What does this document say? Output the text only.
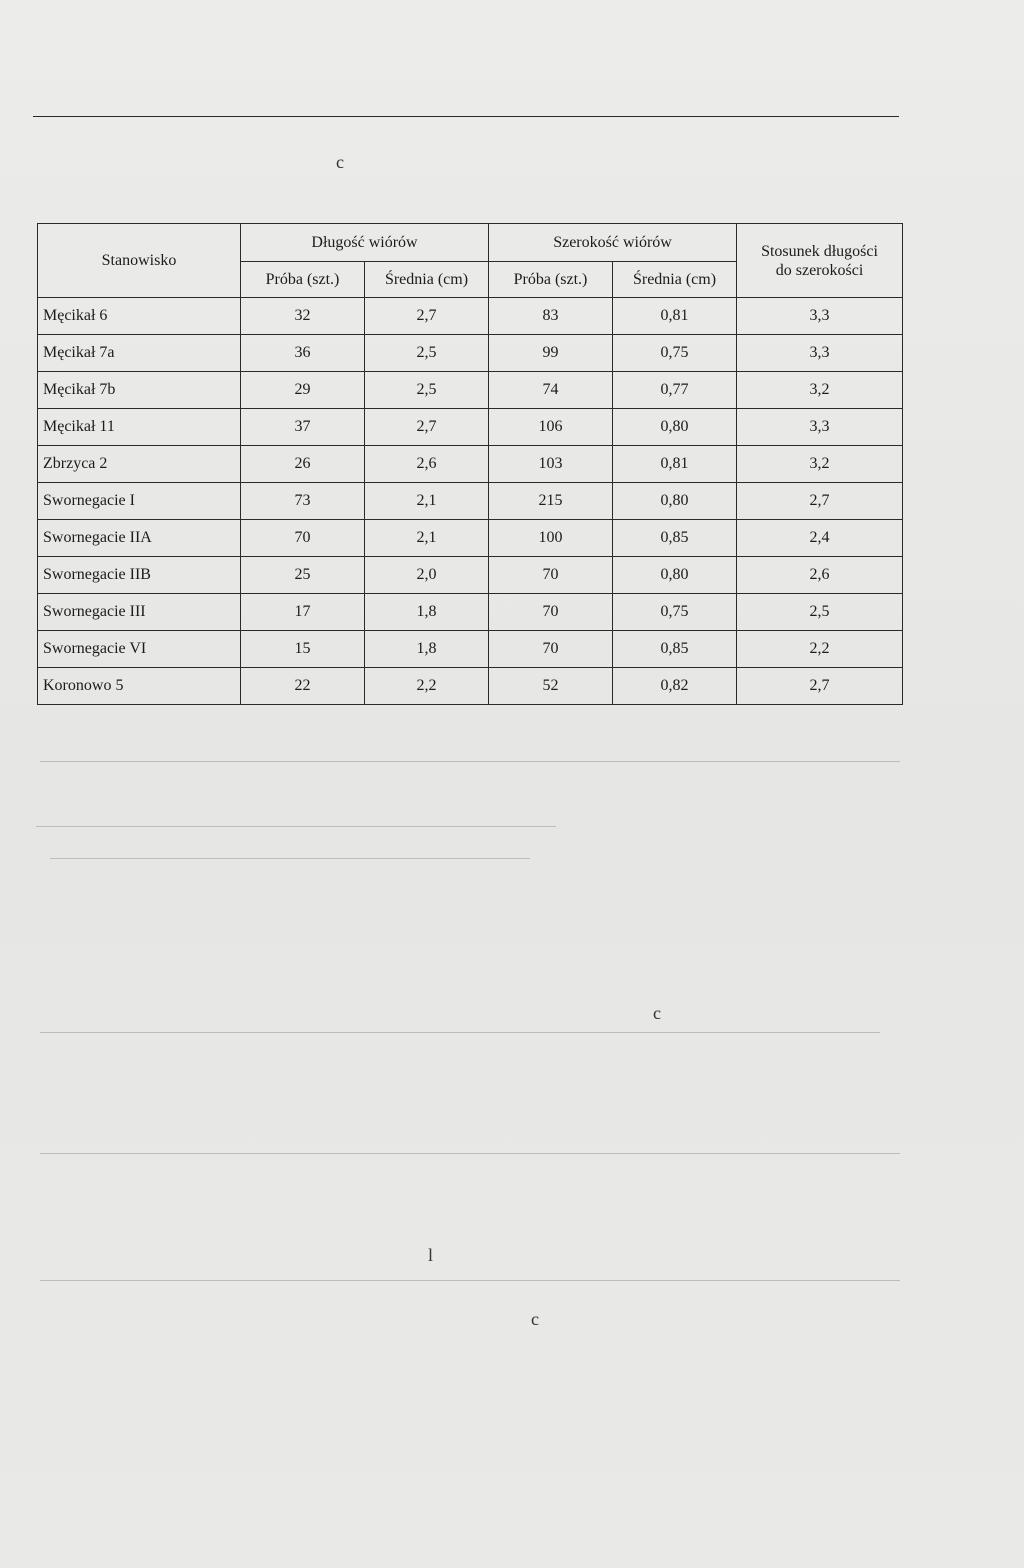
c
Stanowisko	Długość wiórów		Szerokość wiórów		Stosunek długości do szerokości
	Próba (szt.)	Średnia (cm)	Próba (szt.)	Średnia (cm)	
Męcikał 6	32	2,7	83	0,81	3,3
Męcikał 7a	36	2,5	99	0,75	3,3
Męcikał 7b	29	2,5	74	0,77	3,2
Męcikał 11	37	2,7	106	0,80	3,3
Zbrzyca 2	26	2,6	103	0,81	3,2
Swornegacie I	73	2,1	215	0,80	2,7
Swornegacie IIA	70	2,1	100	0,85	2,4
Swornegacie IIB	25	2,0	70	0,80	2,6
Swornegacie III	17	1,8	70	0,75	2,5
Swornegacie VI	15	1,8	70	0,85	2,2
Koronowo 5	22	2,2	52	0,82	2,7
c
l
c
